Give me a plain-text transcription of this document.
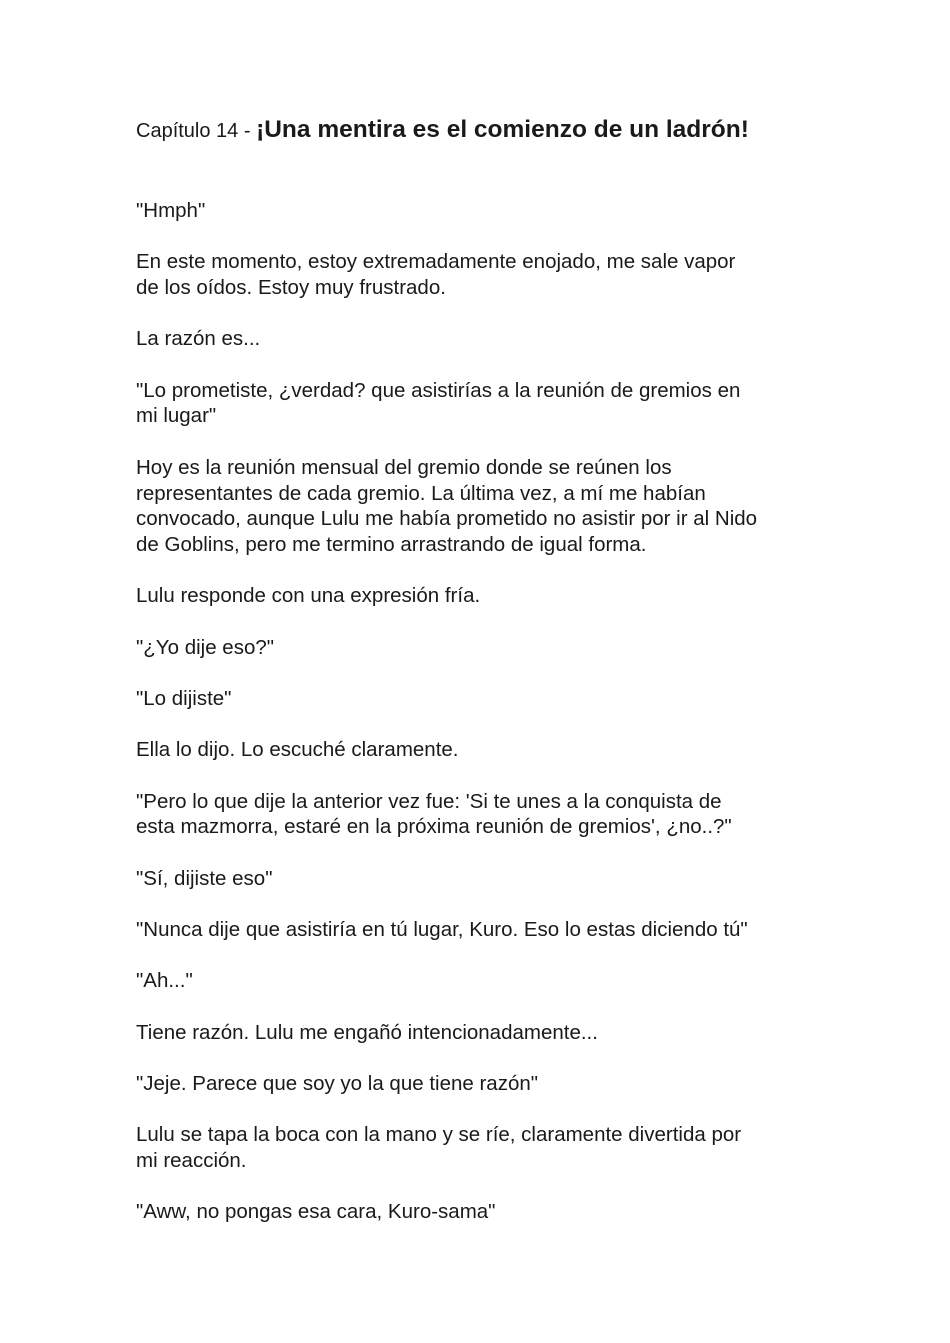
Capítulo 14 - ¡Una mentira es el comienzo de un ladrón!

"Hmph"

En este momento, estoy extremadamente enojado, me sale vapor
de los oídos. Estoy muy frustrado.

La razón es...

"Lo prometiste, ¿verdad? que asistirías a la reunión de gremios en
mi lugar"

Hoy es la reunión mensual del gremio donde se reúnen los
representantes de cada gremio. La última vez, a mí me habían
convocado, aunque Lulu me había prometido no asistir por ir al Nido
de Goblins, pero me termino arrastrando de igual forma.

Lulu responde con una expresión fría.

"¿Yo dije eso?"

"Lo dijiste"

Ella lo dijo. Lo escuché claramente.

"Pero lo que dije la anterior vez fue: 'Si te unes a la conquista de
esta mazmorra, estaré en la próxima reunión de gremios', ¿no..?"

"Sí, dijiste eso"

"Nunca dije que asistiría en tú lugar, Kuro. Eso lo estas diciendo tú"

"Ah..."

Tiene razón. Lulu me engañó intencionadamente...

"Jeje. Parece que soy yo la que tiene razón"

Lulu se tapa la boca con la mano y se ríe, claramente divertida por
mi reacción.

"Aww, no pongas esa cara, Kuro-sama"
